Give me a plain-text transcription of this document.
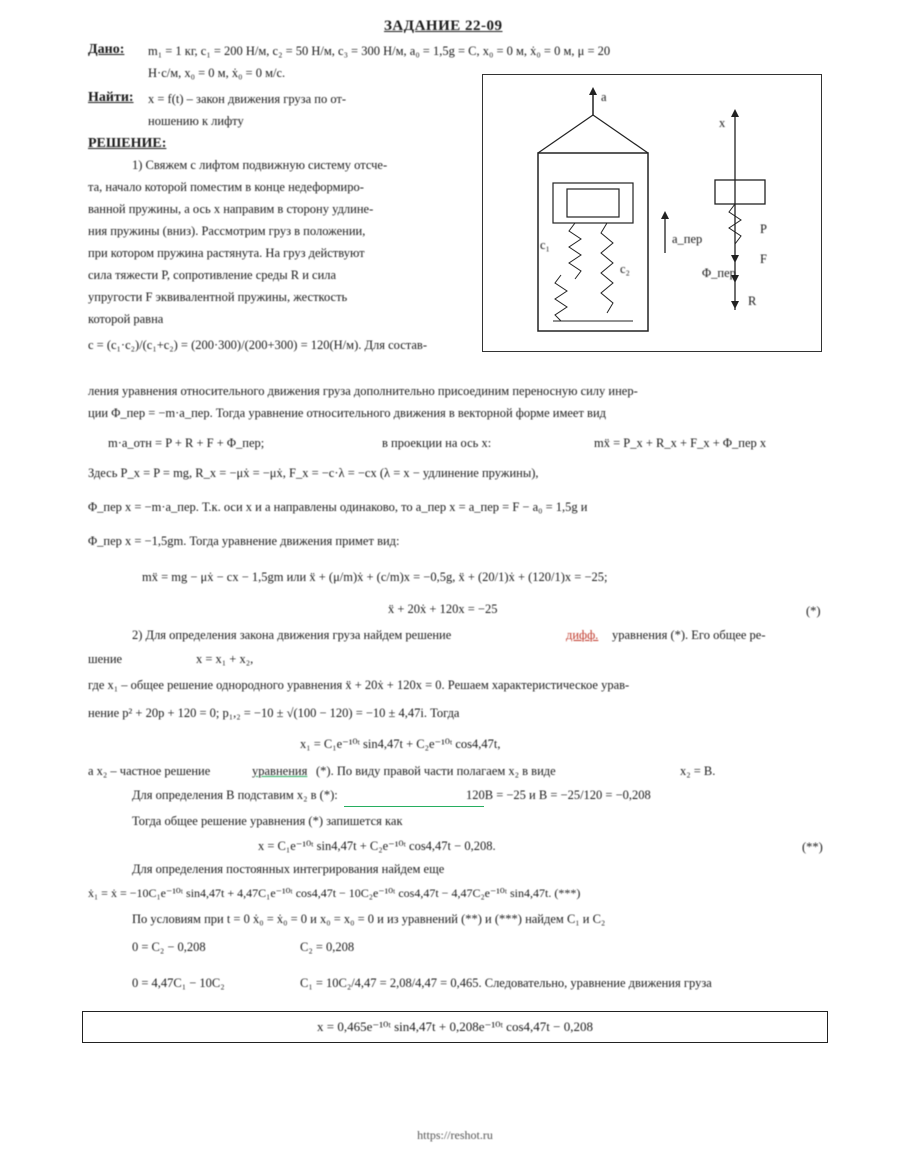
ЗАДАНИЕ 22-09
Дано: m₁ = 1 кг, c₁ = 200 Н/м, c₂ = 50 Н/м, c₃ = 300 Н/м, a₀ = 1,5g = C, x₀ = 0 м, ẋ₀ = 0 м, μ = 20
Н·с/м, x₀ = 0 м, ẋ₀ = 0 м/с.
Найти: x = f(t) – закон движения груза по от-
ношению к лифту
РЕШЕНИЕ:
1) Свяжем с лифтом подвижную систему отсче-
та, начало которой поместим в конце недеформиро-
ванной пружины, а ось x направим в сторону удлине-
ния пружины (вниз). Рассмотрим груз в положении,
при котором пружина растянута. На груз действуют
сила тяжести P, сопротивление среды R и сила
упругости F эквивалентной пружины, жесткость
которой равна
c = (c₁·c₂)/(c₁+c₂) = (200·300)/(200+300) = 120(Н/м). Для состав-
a
x
c₁
c₂
a_пер
P
F
Φ_пер
R
ления уравнения относительного движения груза дополнительно присоединим переносную силу инер-
ции Φ_пер = −m·a_пер. Тогда уравнение относительного движения в векторной форме имеет вид
m·a_отн = P + R + F + Φ_пер;	в проекции на ось x:	mẍ = P_x + R_x + F_x + Φ_пер x
Здесь P_x = P = mg, R_x = −μẋ = −μẋ, F_x = −c·λ = −cx (λ = x − удлинение пружины),
Φ_пер x = −m·a_пер. Т.к. оси x и a направлены одинаково, то a_пер x = a_пер = F − a₀ = 1,5g и
Φ_пер x = −1,5gm. Тогда уравнение движения примет вид:
mẍ = mg − μẋ − cx − 1,5gm или ẍ + (μ/m)ẋ + (c/m)x = −0,5g, ẍ + (20/1)ẋ + (120/1)x = −25;
ẍ + 20ẋ + 120x = −25	(*)
2) Для определения закона движения груза найдем решение	дифф. уравнения (*). Его общее ре-
шение	x = x₁ + x₂,
где x₁ – общее решение однородного уравнения ẍ + 20ẋ + 120x = 0. Решаем характеристическое урав-
нение p² + 20p + 120 = 0; p₁,₂ = −10 ± √(100 − 120) = −10 ± 4,47i. Тогда
x₁ = C₁e⁻¹⁰ᵗ sin4,47t + C₂e⁻¹⁰ᵗ cos4,47t,
а x₂ – частное решение	уравнения (*). По виду правой части полагаем x₂ в виде	x₂ = B.
Для определения B подставим x₂ в (*):	120B = −25 и B = −25/120 = −0,208
Тогда общее решение уравнения (*) запишется как
x = C₁e⁻¹⁰ᵗ sin4,47t + C₂e⁻¹⁰ᵗ cos4,47t − 0,208.	(**)
Для определения постоянных интегрирования найдем еще
ẋ₁ = ẋ = −10C₁e⁻¹⁰ᵗ sin4,47t + 4,47C₁e⁻¹⁰ᵗ cos4,47t − 10C₂e⁻¹⁰ᵗ cos4,47t − 4,47C₂e⁻¹⁰ᵗ sin4,47t. (***)
По условиям при t = 0 ẋ₀ = ẋ₀ = 0 и x₀ = x₀ = 0 и из уравнений (**) и (***) найдем C₁ и C₂
0 = C₂ − 0,208	C₂ = 0,208
0 = 4,47C₁ − 10C₂	C₁ = 10C₂/4,47 = 2,08/4,47 = 0,465. Следовательно, уравнение движения груза
x = 0,465e⁻¹⁰ᵗ sin4,47t + 0,208e⁻¹⁰ᵗ cos4,47t − 0,208
https://reshot.ru
